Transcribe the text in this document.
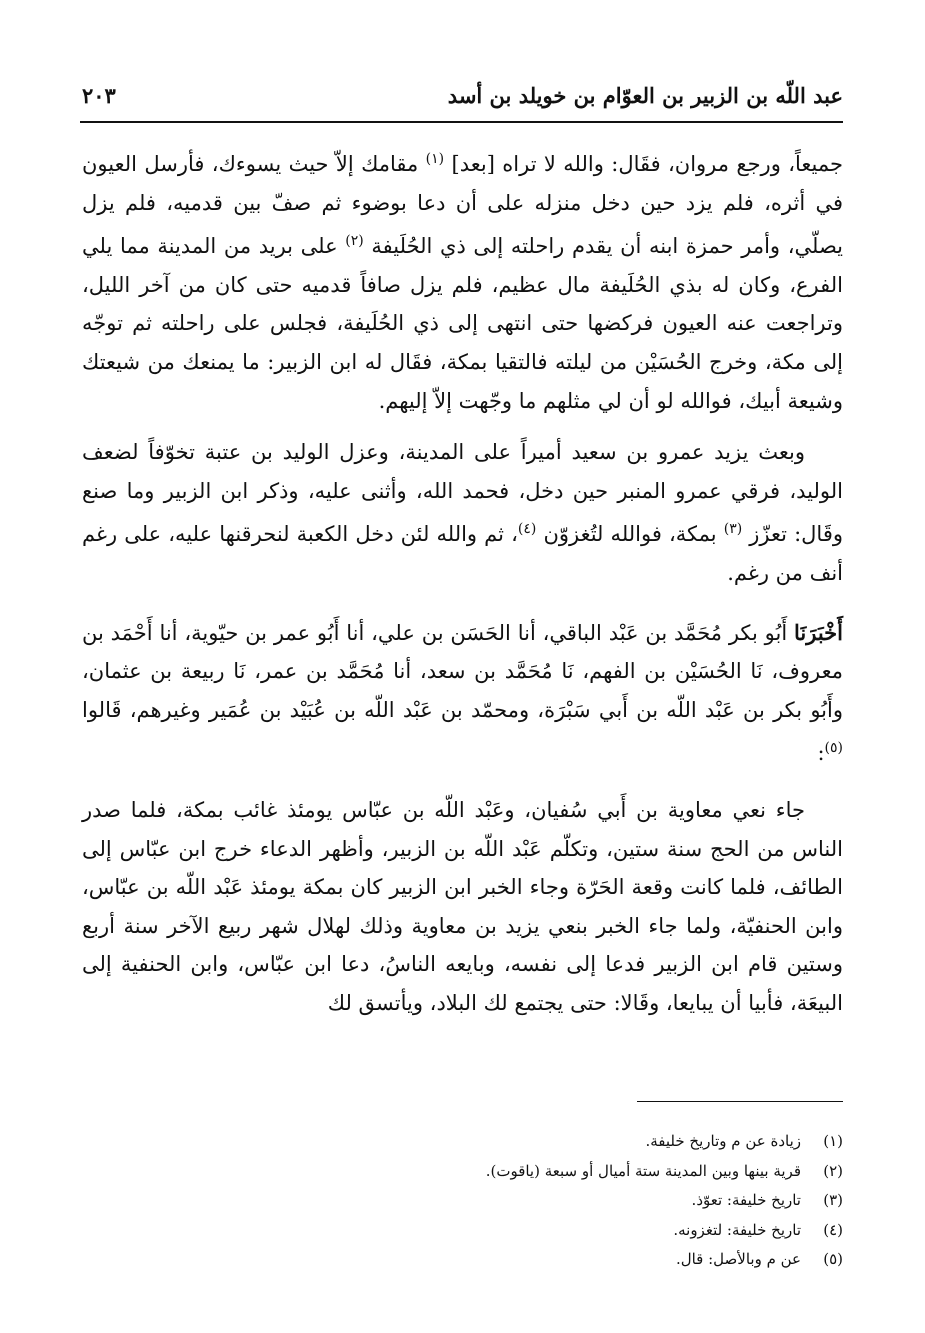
عبد اللّه بن الزبير بن العوّام بن خويلد بن أسد
٢٠٣

جميعاً، ورجع مروان، فقَال: والله لا تراه [بعد] $^{(١)}$ مقامك إلاّ حيث يسوءك، فأرسل العيون في أثره، فلم يزد حين دخل منزله على أن دعا بوضوء ثم صفّ بين قدميه، فلم يزل يصلّي، وأمر حمزة ابنه أن يقدم راحلته إلى ذي الحُلَيفة $^{(٢)}$ على بريد من المدينة مما يلي الفرع، وكان له بذي الحُلَيفة مال عظيم، فلم يزل صافاً قدميه حتى كان من آخر الليل، وتراجعت عنه العيون فركضها حتى انتهى إلى ذي الحُلَيفة، فجلس على راحلته ثم توجّه إلى مكة، وخرج الحُسَيْن من ليلته فالتقيا بمكة، فقَال له ابن الزبير: ما يمنعك من شيعتك وشيعة أبيك، فوالله لو أن لي مثلهم ما وجّهت إلاّ إليهم.

وبعث يزيد عمرو بن سعيد أميراً على المدينة، وعزل الوليد بن عتبة تخوّفاً لضعف الوليد، فرقي عمرو المنبر حين دخل، فحمد الله، وأثنى عليه، وذكر ابن الزبير وما صنع وقَال: تعزّز $^{(٣)}$ بمكة، فوالله لتُغزوّن $^{(٤)}$، ثم والله لئن دخل الكعبة لنحرقنها عليه، على رغم أنف من رغم.

أَخْبَرَنَا أَبُو بكر مُحَمَّد بن عَبْد الباقي، أنا الحَسَن بن علي، أنا أَبُو عمر بن حيّوية، أنا أَحْمَد بن معروف، نَا الحُسَيْن بن الفهم، نَا مُحَمَّد بن سعد، أنا مُحَمَّد بن عمر، نَا ربيعة بن عثمان، وأَبُو بكر بن عَبْد اللّه بن أَبي سَبْرَة، ومحمّد بن عَبْد اللّه بن عُبَيْد بن عُمَير وغيرهم، قَالوا $^{(٥)}$:

جاء نعي معاوية بن أَبي سُفيان، وعَبْد اللّه بن عبّاس يومئذ غائب بمكة، فلما صدر الناس من الحج سنة ستين، وتكلّم عَبْد اللّه بن الزبير، وأظهر الدعاء خرج ابن عبّاس إلى الطائف، فلما كانت وقعة الحَرّة وجاء الخبر ابن الزبير كان بمكة يومئذ عَبْد اللّه بن عبّاس، وابن الحنفيّة، ولما جاء الخبر بنعي يزيد بن معاوية وذلك لهلال شهر ربيع الآخر سنة أربع وستين قام ابن الزبير فدعا إلى نفسه، وبايعه الناسُ، دعا ابن عبّاس، وابن الحنفية إلى البيعَة، فأبيا أن يبايعا، وقَالا: حتى يجتمع لك البلاد، ويأتسق لك

(١)
زيادة عن م وتاريخ خليفة.
(٢)
قرية بينها وبين المدينة ستة أميال أو سبعة (ياقوت).
(٣)
تاريخ خليفة: تعوّذ.
(٤)
تاريخ خليفة: لتغزونه.
(٥)
عن م وبالأصل: قال.
